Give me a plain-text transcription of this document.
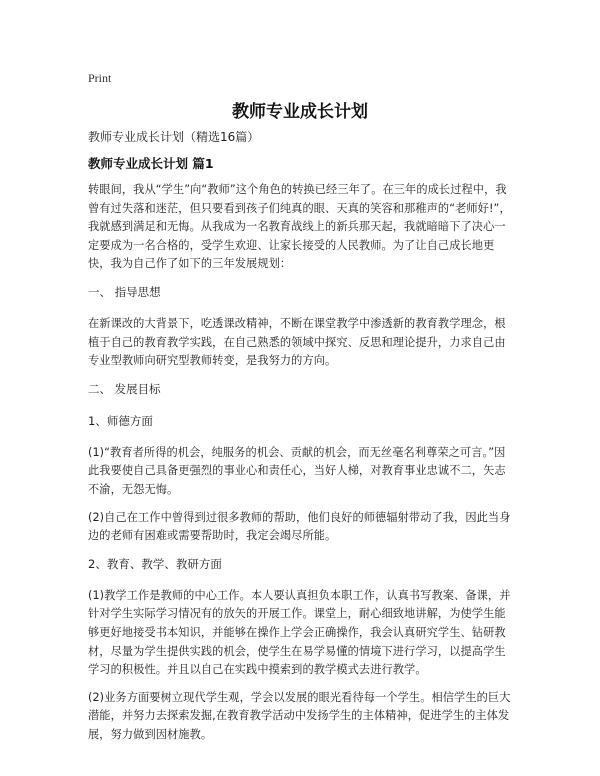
Print
教师专业成长计划
教师专业成长计划（精选16篇）
教师专业成长计划 篇1
转眼间，我从“学生”向“教师”这个角色的转换已经三年了。在三年的成长过程中，我曾有过失落和迷茫，但只要看到孩子们纯真的眼、天真的笑容和那稚声的“老师好!”，我就感到满足和无悔。从我成为一名教育战线上的新兵那天起，我就暗暗下了决心一定要成为一名合格的，受学生欢迎、让家长接受的人民教师。为了让自己成长地更快，我为自己作了如下的三年发展规划：
一、 指导思想
在新课改的大背景下，吃透课改精神，不断在课堂教学中渗透新的教育教学理念，根植于自己的教育教学实践，在自己熟悉的领域中探究、反思和理论提升，力求自己由专业型教师向研究型教师转变，是我努力的方向。
二、 发展目标
1、师德方面
(1)“教育者所得的机会，纯服务的机会、贡献的机会，而无丝毫名利尊荣之可言。”因此我要使自己具备更强烈的事业心和责任心，当好人梯，对教育事业忠诚不二，矢志不渝，无怨无悔。
(2)自己在工作中曾得到过很多教师的帮助，他们良好的师德辐射带动了我，因此当身边的老师有困难或需要帮助时，我定会竭尽所能。
2、教育、教学、教研方面
(1)教学工作是教师的中心工作。本人要认真担负本职工作，认真书写教案、备课，并针对学生实际学习情况有的放矢的开展工作。课堂上，耐心细致地讲解，为使学生能够更好地接受书本知识，并能够在操作上学会正确操作，我会认真研究学生、钻研教材，尽量为学生提供实践的机会，使学生在易学易懂的情境下进行学习，以提高学生学习的积极性。并且以自己在实践中摸索到的教学模式去进行教学。
(2)业务方面要树立现代学生观，学会以发展的眼光看待每一个学生。相信学生的巨大潜能，并努力去探索发掘,在教育教学活动中发扬学生的主体精神，促进学生的主体发展，努力做到因材施教。
